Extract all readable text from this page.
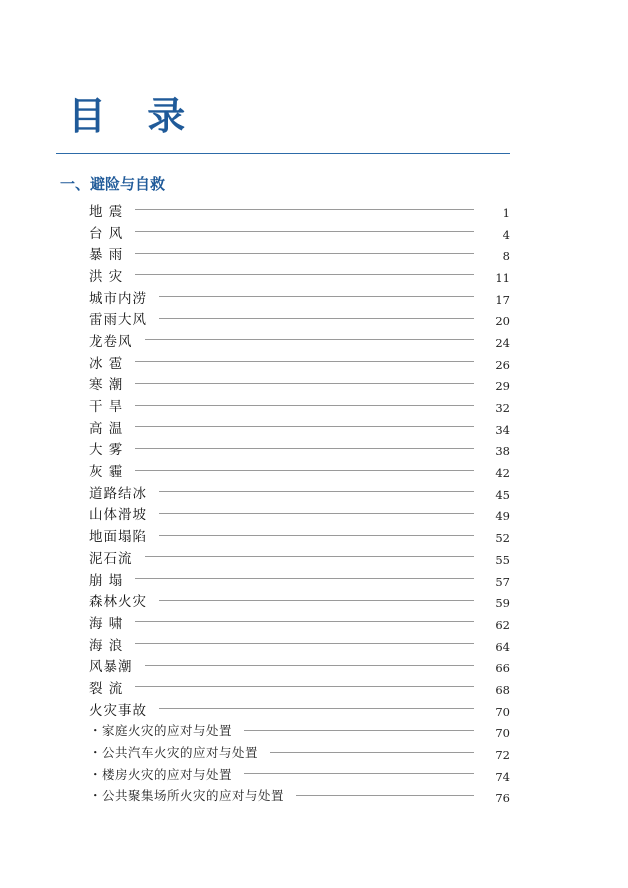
目 录
一、避险与自救
地 震	1
台 风	4
暴 雨	8
洪 灾	11
城市内涝	17
雷雨大风	20
龙卷风	24
冰 雹	26
寒 潮	29
干 旱	32
高 温	34
大 雾	38
灰 霾	42
道路结冰	45
山体滑坡	49
地面塌陷	52
泥石流	55
崩 塌	57
森林火灾	59
海 啸	62
海 浪	64
风暴潮	66
裂 流	68
火灾事故	70
・家庭火灾的应对与处置	70
・公共汽车火灾的应对与处置	72
・楼房火灾的应对与处置	74
・公共聚集场所火灾的应对与处置	76
